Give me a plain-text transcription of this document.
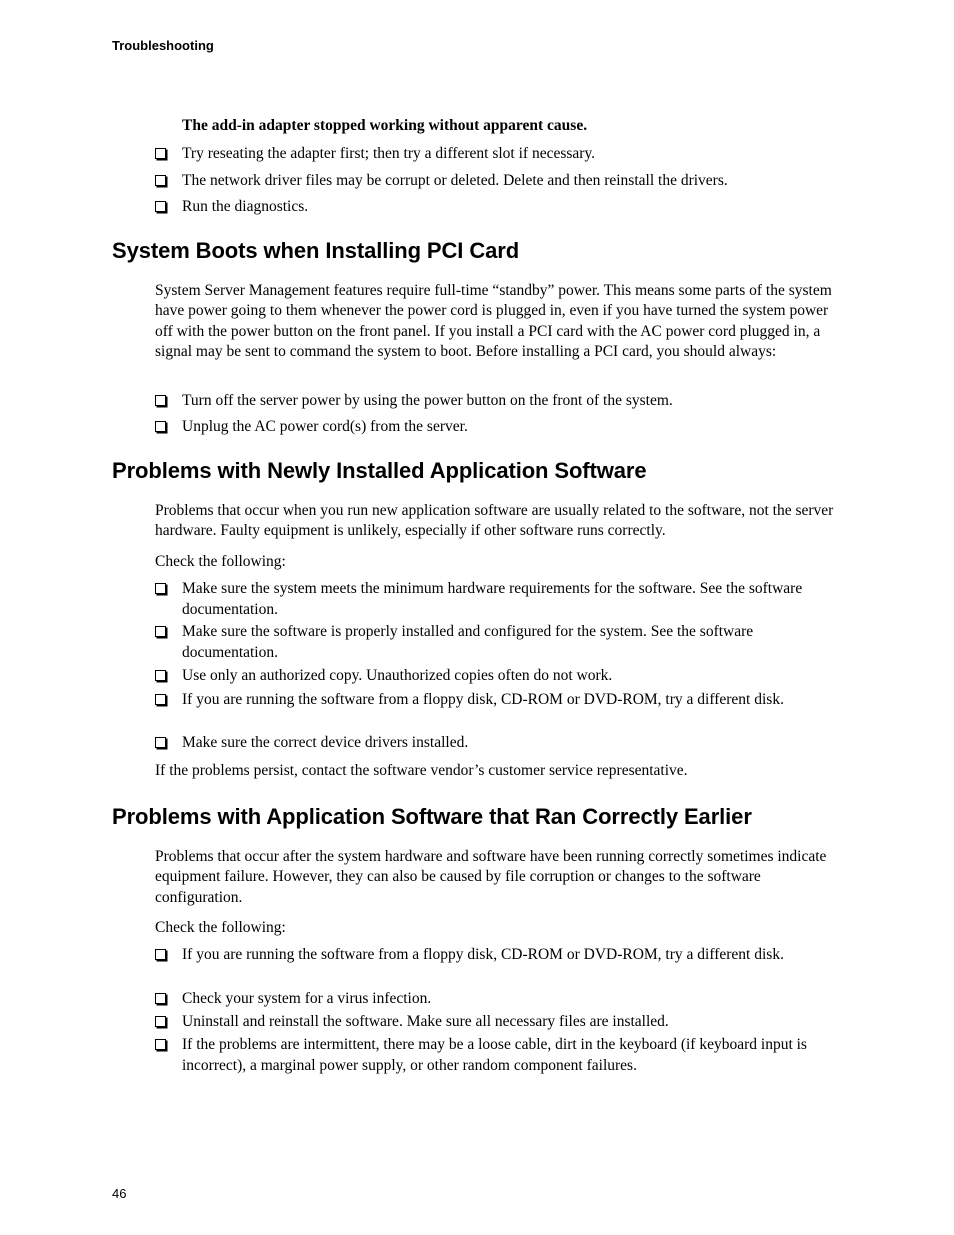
Troubleshooting
The add-in adapter stopped working without apparent cause.
Try reseating the adapter first; then try a different slot if necessary.
The network driver files may be corrupt or deleted. Delete and then reinstall the drivers.
Run the diagnostics.
System Boots when Installing PCI Card

System Server Management features require full-time “standby” power. This means some parts of the system have power going to them whenever the power cord is plugged in, even if you have turned the system power off with the power button on the front panel. If you install a PCI card with the AC power cord plugged in, a signal may be sent to command the system to boot. Before installing a PCI card, you should always:

Turn off the server power by using the power button on the front of the system.
Unplug the AC power cord(s) from the server.
Problems with Newly Installed Application Software

Problems that occur when you run new application software are usually related to the software, not the server hardware. Faulty equipment is unlikely, especially if other software runs correctly.

Check the following:

Make sure the system meets the minimum hardware requirements for the software. See the software documentation.
Make sure the software is properly installed and configured for the system. See the software documentation.
Use only an authorized copy. Unauthorized copies often do not work.
If you are running the software from a floppy disk, CD-ROM or DVD-ROM, try a different disk.
Make sure the correct device drivers installed.

If the problems persist, contact the software vendor’s customer service representative.

Problems with Application Software that Ran Correctly Earlier

Problems that occur after the system hardware and software have been running correctly sometimes indicate equipment failure. However, they can also be caused by file corruption or changes to the software configuration.

Check the following:

If you are running the software from a floppy disk, CD-ROM or DVD-ROM, try a different disk.
Check your system for a virus infection.
Uninstall and reinstall the software. Make sure all necessary files are installed.
If the problems are intermittent, there may be a loose cable, dirt in the keyboard (if keyboard input is incorrect), a marginal power supply, or other random component failures.
46
